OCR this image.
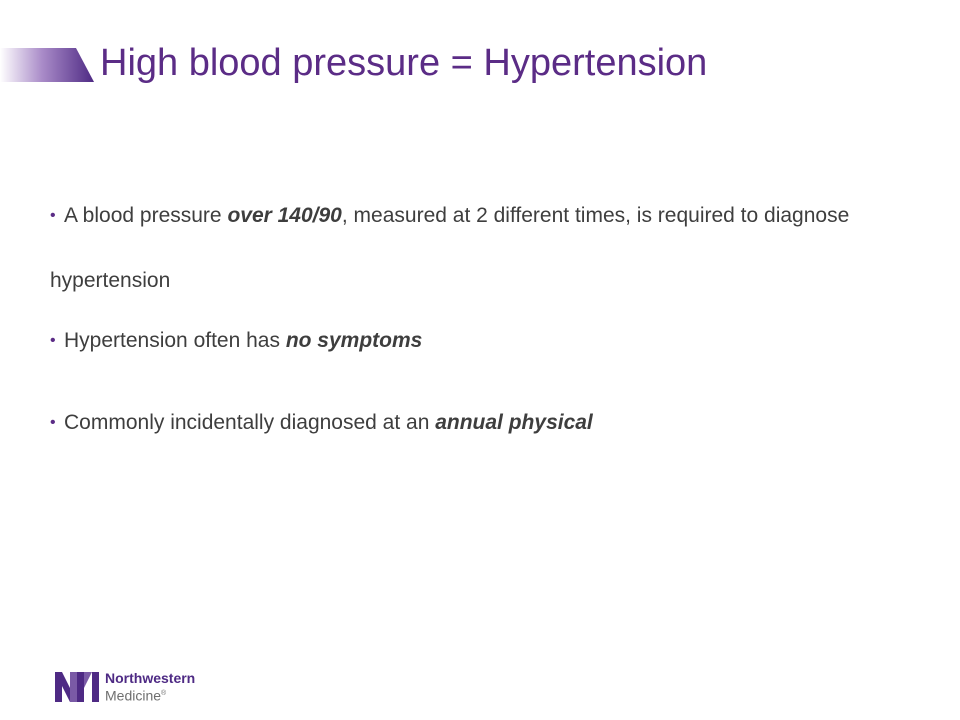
High blood pressure = Hypertension

• A blood pressure over 140/90, measured at 2 different times, is required to diagnose hypertension

• Hypertension often has no symptoms

• Commonly incidentally diagnosed at an annual physical

Northwestern
Medicine®
